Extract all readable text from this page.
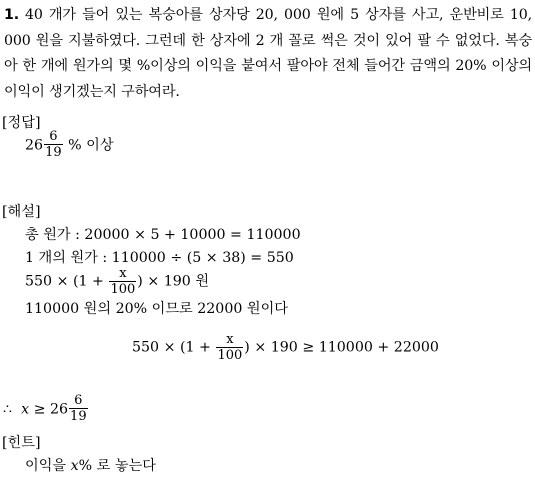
1. 40 개가 들어 있는 복숭아를 상자당 20, 000 원에 5 상자를 사고, 운반비로 10, 000 원을 지불하였다. 그런데 한 상자에 2 개 꼴로 썩은 것이 있어 팔 수 없었다. 복숭아 한 개에 원가의 몇 %이상의 이익을 붙여서 팔아야 전체 들어간 금액의 20% 이상의 이익이 생기겠는지 구하여라.
[정답]
$26 \frac{6}{19}$ % 이상
[해설]
총 원가 : 20000 × 5 + 10000 = 110000
1 개의 원가 : 110000 ÷ (5 × 38) = 550
$550 \times (1 + \frac{x}{100}$ ) × 190 원
110000 원의 20% 이므로 22000 원이다
$550 \times (1 + \frac{x}{100}$ ) × 190 ≥ 110000 + 22000
∴ $x \ge 26 \frac{6}{19}$
[힌트]
이익을 x% 로 놓는다
